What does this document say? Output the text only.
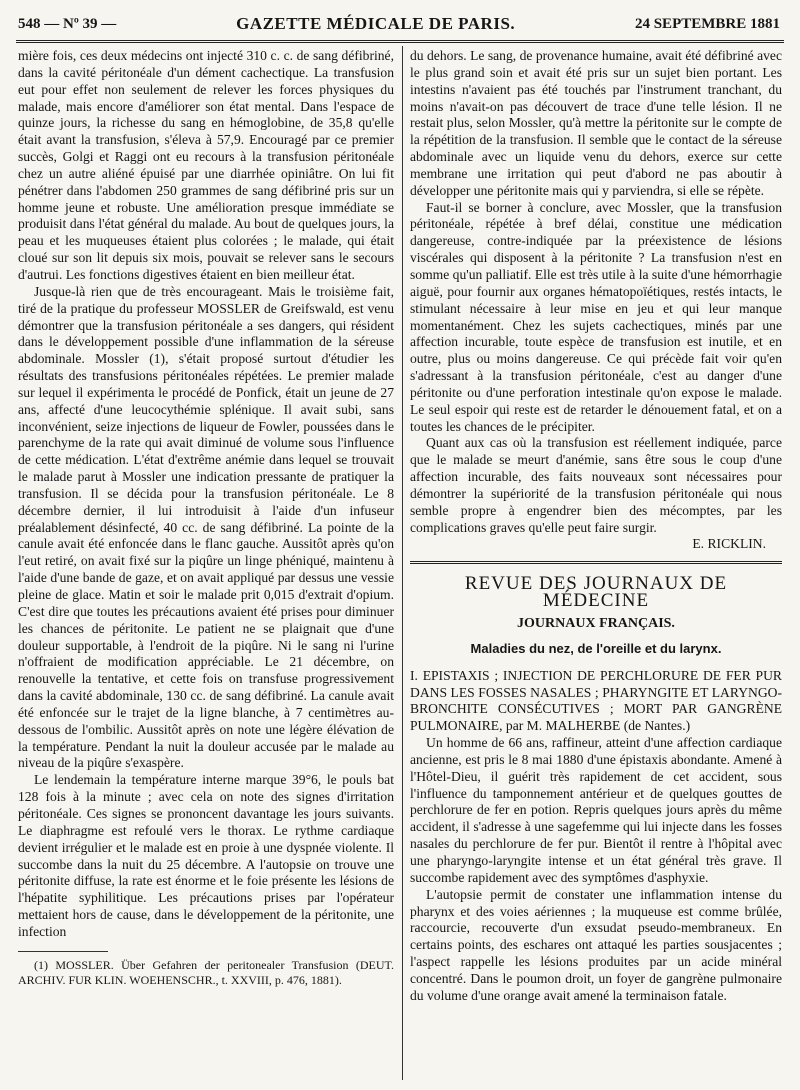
548 — Nº 39 —	GAZETTE MÉDICALE DE PARIS.	24 SEPTEMBRE 1881

mière fois, ces deux médecins ont injecté 310 c. c. de sang défibriné, dans la cavité péritonéale d'un dément cachectique. La transfusion eut pour effet non seulement de relever les forces physiques du malade, mais encore d'améliorer son état mental. Dans l'espace de quinze jours, la richesse du sang en hémoglobine, de 35,8 qu'elle était avant la transfusion, s'éleva à 57,9. Encouragé par ce premier succès, Golgi et Raggi ont eu recours à la transfusion péritonéale chez un autre aliéné épuisé par une diarrhée opiniâtre. On lui fit pénétrer dans l'abdomen 250 grammes de sang défibriné pris sur un homme jeune et robuste. Une amélioration presque immédiate se produisit dans l'état général du malade. Au bout de quelques jours, la peau et les muqueuses étaient plus colorées ; le malade, qui était cloué sur son lit depuis six mois, pouvait se relever sans le secours d'autrui. Les fonctions digestives étaient en bien meilleur état.

Jusque-là rien que de très encourageant. Mais le troisième fait, tiré de la pratique du professeur MOSSLER de Greifswald, est venu démontrer que la transfusion péritonéale a ses dangers, qui résident dans le développement possible d'une inflammation de la séreuse abdominale. Mossler (1), s'était proposé surtout d'étudier les résultats des transfusions péritonéales répétées. Le premier malade sur lequel il expérimenta le procédé de Ponfick, était un jeune de 27 ans, affecté d'une leucocythémie splénique. Il avait subi, sans inconvénient, seize injections de liqueur de Fowler, poussées dans le parenchyme de la rate qui avait diminué de volume sous l'influence de cette médication. L'état d'extrême anémie dans lequel se trouvait le malade parut à Mossler une indication pressante de pratiquer la transfusion. Il se décida pour la transfusion péritonéale. Le 8 décembre dernier, il lui introduisit à l'aide d'un infuseur préalablement désinfecté, 40 cc. de sang défibriné. La pointe de la canule avait été enfoncée dans le flanc gauche. Aussitôt après qu'on l'eut retiré, on avait fixé sur la piqûre un linge phéniqué, maintenu à l'aide d'une bande de gaze, et on avait appliqué par dessus une vessie pleine de glace. Matin et soir le malade prit 0,015 d'extrait d'opium. C'est dire que toutes les précautions avaient été prises pour diminuer les chances de péritonite. Le patient ne se plaignait que d'une douleur supportable, à l'endroit de la piqûre. Ni le sang ni l'urine n'offraient de modification appréciable. Le 21 décembre, on renouvelle la tentative, et cette fois on transfuse progressivement dans la cavité abdominale, 130 cc. de sang défibriné. La canule avait été enfoncée sur le trajet de la ligne blanche, à 7 centimètres au-dessous de l'ombilic. Aussitôt après on note une légère élévation de la température. Pendant la nuit la douleur accusée par le malade au niveau de la piqûre s'exaspère.

Le lendemain la température interne marque 39°6, le pouls bat 128 fois à la minute ; avec cela on note des signes d'irritation péritonéale. Ces signes se prononcent davantage les jours suivants. Le diaphragme est refoulé vers le thorax. Le rythme cardiaque devient irrégulier et le malade est en proie à une dyspnée violente. Il succombe dans la nuit du 25 décembre. A l'autopsie on trouve une péritonite diffuse, la rate est énorme et le foie présente les lésions de l'hépatite syphilitique. Les précautions prises par l'opérateur mettaient hors de cause, dans le développement de la péritonite, une infection

(1) MOSSLER. Über Gefahren der peritonealer Transfusion (DEUT. ARCHIV. FUR KLIN. WOEHENSCHR., t. XXVIII, p. 476, 1881).

du dehors. Le sang, de provenance humaine, avait été défibriné avec le plus grand soin et avait été pris sur un sujet bien portant. Les intestins n'avaient pas été touchés par l'instrument tranchant, du moins n'avait-on pas découvert de trace d'une telle lésion. Il ne restait plus, selon Mossler, qu'à mettre la péritonite sur le compte de la répétition de la transfusion. Il semble que le contact de la séreuse abdominale avec un liquide venu du dehors, exerce sur cette membrane une irritation qui peut d'abord ne pas aboutir à développer une péritonite mais qui y parviendra, si elle se répète.

Faut-il se borner à conclure, avec Mossler, que la transfusion péritonéale, répétée à bref délai, constitue une médication dangereuse, contre-indiquée par la préexistence de lésions viscérales qui disposent à la péritonite ? La transfusion n'est en somme qu'un palliatif. Elle est très utile à la suite d'une hémorrhagie aiguë, pour fournir aux organes hématopoïétiques, restés intacts, le stimulant nécessaire à leur mise en jeu et qui leur manque momentanément. Chez les sujets cachectiques, minés par une affection incurable, toute espèce de transfusion est inutile, et en outre, plus ou moins dangereuse. Ce qui précède fait voir qu'en s'adressant à la transfusion péritonéale, c'est au danger d'une péritonite ou d'une perforation intestinale qu'on expose le malade. Le seul espoir qui reste est de retarder le dénouement fatal, et on a toutes les chances de le précipiter.

Quant aux cas où la transfusion est réellement indiquée, parce que le malade se meurt d'anémie, sans être sous le coup d'une affection incurable, des faits nouveaux sont nécessaires pour démontrer la supériorité de la transfusion péritonéale qui nous semble propre à engendrer bien des mécomptes, par les complications graves qu'elle peut faire surgir.

E. RICKLIN.

REVUE DES JOURNAUX DE MÉDECINE
JOURNAUX FRANÇAIS.
Maladies du nez, de l'oreille et du larynx.

I. EPISTAXIS ; INJECTION DE PERCHLORURE DE FER PUR DANS LES FOSSES NASALES ; PHARYNGITE ET LARYNGO-BRONCHITE CONSÉCUTIVES ; MORT PAR GANGRÈNE PULMONAIRE, par M. MALHERBE (de Nantes.)

Un homme de 66 ans, raffineur, atteint d'une affection cardiaque ancienne, est pris le 8 mai 1880 d'une épistaxis abondante. Amené à l'Hôtel-Dieu, il guérit très rapidement de cet accident, sous l'influence du tamponnement antérieur et de quelques gouttes de perchlorure de fer en potion. Repris quelques jours après du même accident, il s'adresse à une sagefemme qui lui injecte dans les fosses nasales du perchlorure de fer pur. Bientôt il rentre à l'hôpital avec une pharyngo-laryngite intense et un état général très grave. Il succombe rapidement avec des symptômes d'asphyxie.

L'autopsie permit de constater une inflammation intense du pharynx et des voies aériennes ; la muqueuse est comme brûlée, raccourcie, recouverte d'un exsudat pseudo-membraneux. En certains points, des eschares ont attaqué les parties sousjacentes ; l'aspect rappelle les lésions produites par un acide minéral concentré. Dans le poumon droit, un foyer de gangrène pulmonaire du volume d'une orange avait amené la terminaison fatale.
